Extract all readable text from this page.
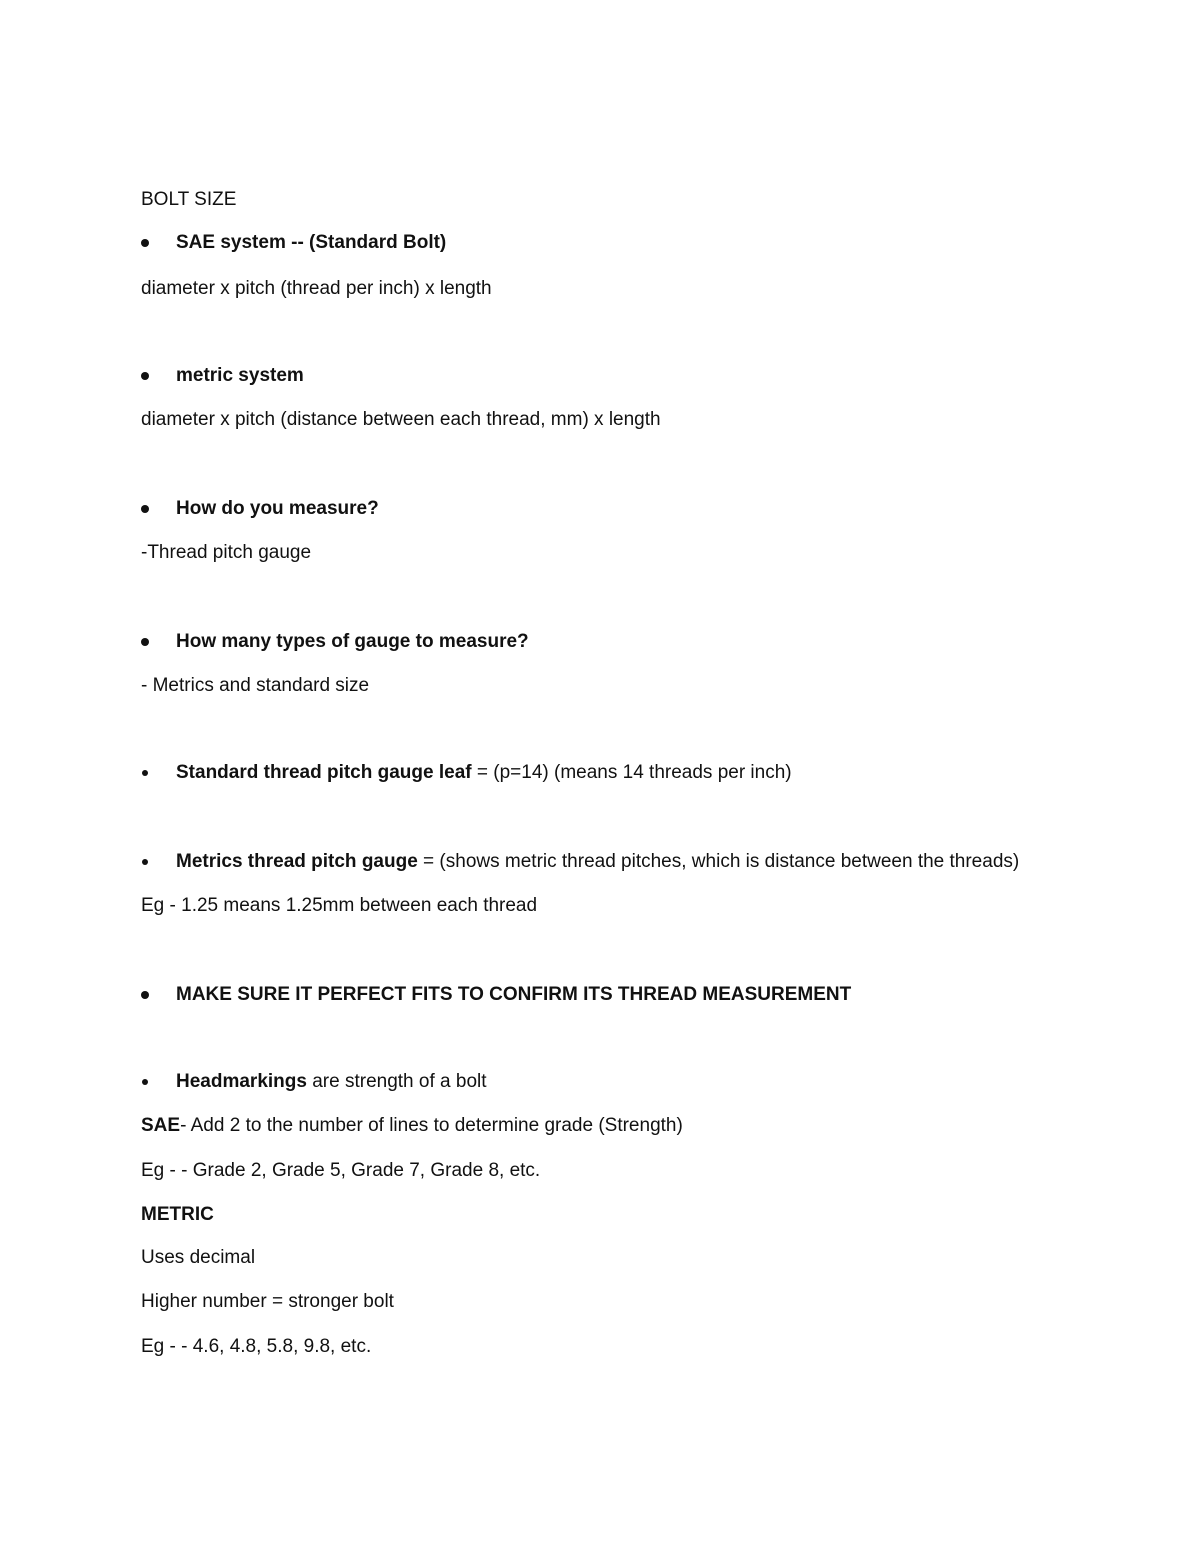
BOLT SIZE
SAE system -- (Standard Bolt)
diameter x pitch (thread per inch) x length
metric system
diameter x pitch (distance between each thread, mm) x length
How do you measure?
-Thread pitch gauge
How many types of gauge to measure?
- Metrics and standard size
Standard thread pitch gauge leaf = (p=14) (means 14 threads per inch)
Metrics thread pitch gauge = (shows metric thread pitches, which is distance between the threads)
Eg - 1.25 means 1.25mm between each thread
MAKE SURE IT PERFECT FITS TO CONFIRM ITS THREAD MEASUREMENT
Headmarkings are strength of a bolt
SAE- Add 2 to the number of lines to determine grade (Strength)
Eg - - Grade 2, Grade 5, Grade 7, Grade 8, etc.
METRIC
Uses decimal
Higher number = stronger bolt
Eg - - 4.6, 4.8, 5.8, 9.8, etc.
